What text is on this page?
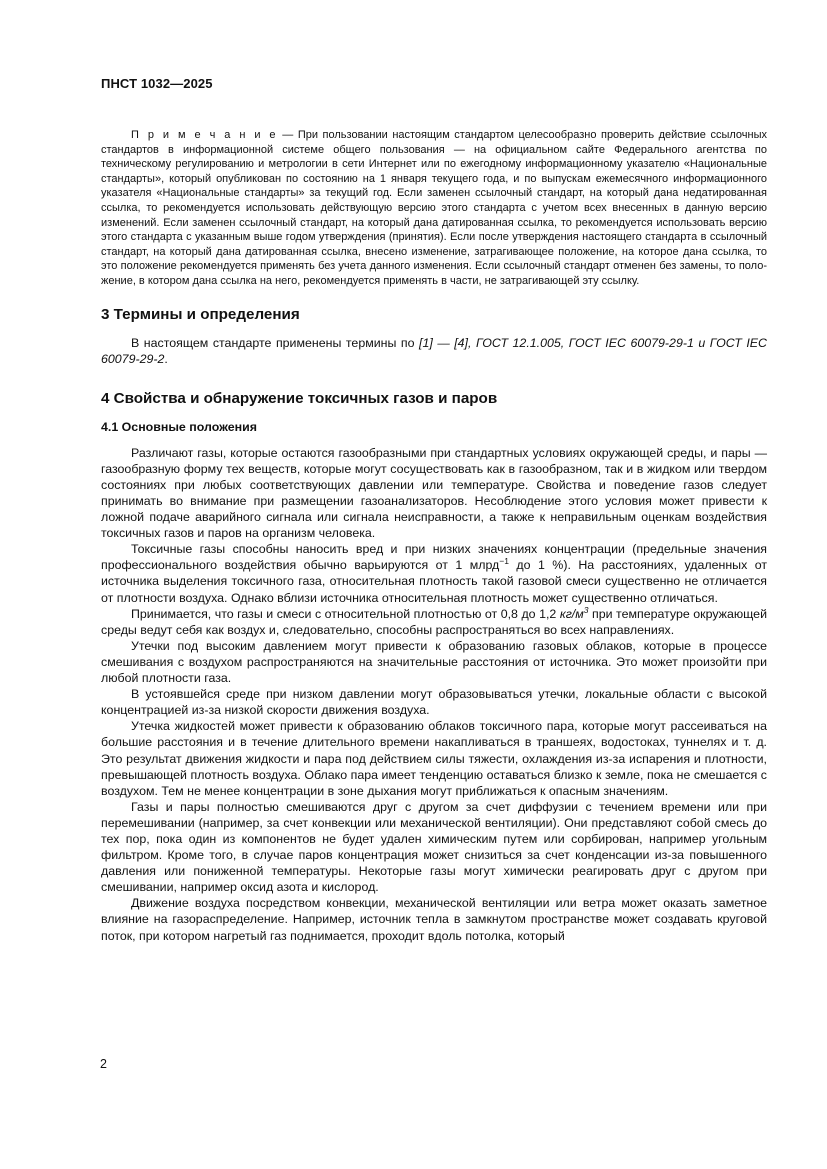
ПНСТ 1032—2025

П р и м е ч а н и е — При пользовании настоящим стандартом целесообразно проверить действие ссылочных стандартов в информационной системе общего пользования — на официальном сайте Федерального агентства по техническому регулированию и метрологии в сети Интернет или по ежегодному информационному указателю «Национальные стандарты», который опубликован по состоянию на 1 января текущего года, и по выпускам ежемесячного информационного указателя «Национальные стандарты» за текущий год. Если заменен ссылочный стандарт, на который дана недатированная ссылка, то рекомендуется использовать действующую версию этого стандарта с учетом всех внесенных в данную версию изменений. Если заменен ссылочный стандарт, на который дана датированная ссылка, то рекомендуется использовать версию этого стандарта с указанным выше годом утверждения (принятия). Если после утверждения настоящего стандарта в ссылочный стандарт, на который дана датированная ссылка, внесено изменение, затрагивающее положение, на которое дана ссылка, то это положение рекомендуется применять без учета данного изменения. Если ссылочный стандарт отменен без замены, то положение, в котором дана ссылка на него, рекомендуется применять в части, не затрагивающей эту ссылку.

3 Термины и определения

В настоящем стандарте применены термины по [1] — [4], ГОСТ 12.1.005, ГОСТ IEC 60079-29-1 и ГОСТ IEC 60079-29-2.

4 Свойства и обнаружение токсичных газов и паров
4.1 Основные положения

Различают газы, которые остаются газообразными при стандартных условиях окружающей среды, и пары — газообразную форму тех веществ, которые могут сосуществовать как в газообразном, так и в жидком или твердом состояниях при любых соответствующих давлении или температуре. Свойства и поведение газов следует принимать во внимание при размещении газоанализаторов. Несоблюдение этого условия может привести к ложной подаче аварийного сигнала или сигнала неисправности, а также к неправильным оценкам воздействия токсичных газов и паров на организм человека.

Токсичные газы способны наносить вред и при низких значениях концентрации (предельные значения профессионального воздействия обычно варьируются от 1 млрд$^{-1}$ до 1 %). На расстояниях, удаленных от источника выделения токсичного газа, относительная плотность такой газовой смеси существенно не отличается от плотности воздуха. Однако вблизи источника относительная плотность может существенно отличаться.

Принимается, что газы и смеси с относительной плотностью от 0,8 до 1,2 $кг/м^3$ при температуре окружающей среды ведут себя как воздух и, следовательно, способны распространяться во всех направлениях.

Утечки под высоким давлением могут привести к образованию газовых облаков, которые в процессе смешивания с воздухом распространяются на значительные расстояния от источника. Это может произойти при любой плотности газа.

В устоявшейся среде при низком давлении могут образовываться утечки, локальные области с высокой концентрацией из-за низкой скорости движения воздуха.

Утечка жидкостей может привести к образованию облаков токсичного пара, которые могут рассеиваться на большие расстояния и в течение длительного времени накапливаться в траншеях, водостоках, туннелях и т. д. Это результат движения жидкости и пара под действием силы тяжести, охлаждения из-за испарения и плотности, превышающей плотность воздуха. Облако пара имеет тенденцию оставаться близко к земле, пока не смешается с воздухом. Тем не менее концентрации в зоне дыхания могут приближаться к опасным значениям.

Газы и пары полностью смешиваются друг с другом за счет диффузии с течением времени или при перемешивании (например, за счет конвекции или механической вентиляции). Они представляют собой смесь до тех пор, пока один из компонентов не будет удален химическим путем или сорбирован, например угольным фильтром. Кроме того, в случае паров концентрация может снизиться за счет конденсации из-за повышенного давления или пониженной температуры. Некоторые газы могут химически реагировать друг с другом при смешивании, например оксид азота и кислород.

Движение воздуха посредством конвекции, механической вентиляции или ветра может оказать заметное влияние на газораспределение. Например, источник тепла в замкнутом пространстве может создавать круговой поток, при котором нагретый газ поднимается, проходит вдоль потолка, который

2
